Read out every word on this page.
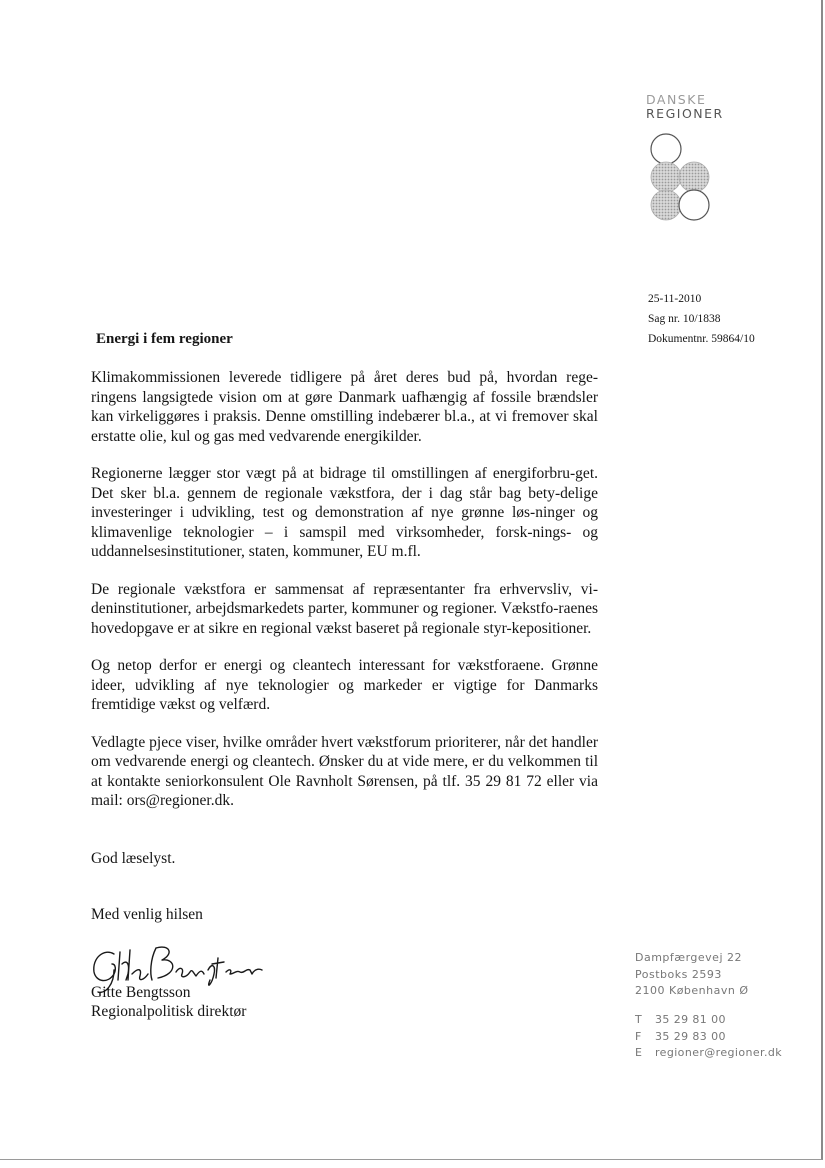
DANSKE
REGIONER
25-11-2010
Sag nr. 10/1838
Dokumentnr. 59864/10
Energi i fem regioner

Klimakommissionen leverede tidligere på året deres bud på, hvordan rege-ringens langsigtede vision om at gøre Danmark uafhængig af fossile brændsler kan virkeliggøres i praksis. Denne omstilling indebærer bl.a., at vi fremover skal erstatte olie, kul og gas med vedvarende energikilder.

Regionerne lægger stor vægt på at bidrage til omstillingen af energiforbru-get. Det sker bl.a. gennem de regionale vækstfora, der i dag står bag bety-delige investeringer i udvikling, test og demonstration af nye grønne løs-ninger og klimavenlige teknologier – i samspil med virksomheder, forsk-nings- og uddannelsesinstitutioner, staten, kommuner, EU m.fl.

De regionale vækstfora er sammensat af repræsentanter fra erhvervsliv, vi-deninstitutioner, arbejdsmarkedets parter, kommuner og regioner. Vækstfo-raenes hovedopgave er at sikre en regional vækst baseret på regionale styr-kepositioner.

Og netop derfor er energi og cleantech interessant for vækstforaene. Grønne ideer, udvikling af nye teknologier og markeder er vigtige for Danmarks fremtidige vækst og velfærd.

Vedlagte pjece viser, hvilke områder hvert vækstforum prioriterer, når det handler om vedvarende energi og cleantech. Ønsker du at vide mere, er du velkommen til at kontakte seniorkonsulent Ole Ravnholt Sørensen, på tlf. 35 29 81 72 eller via mail: ors@regioner.dk.

God læselyst.
Med venlig hilsen
Gitte Bengtsson
Regionalpolitisk direktør
Dampfærgevej 22
Postboks 2593
2100 København Ø
T 35 29 81 00
F 35 29 83 00
E regioner@regioner.dk
